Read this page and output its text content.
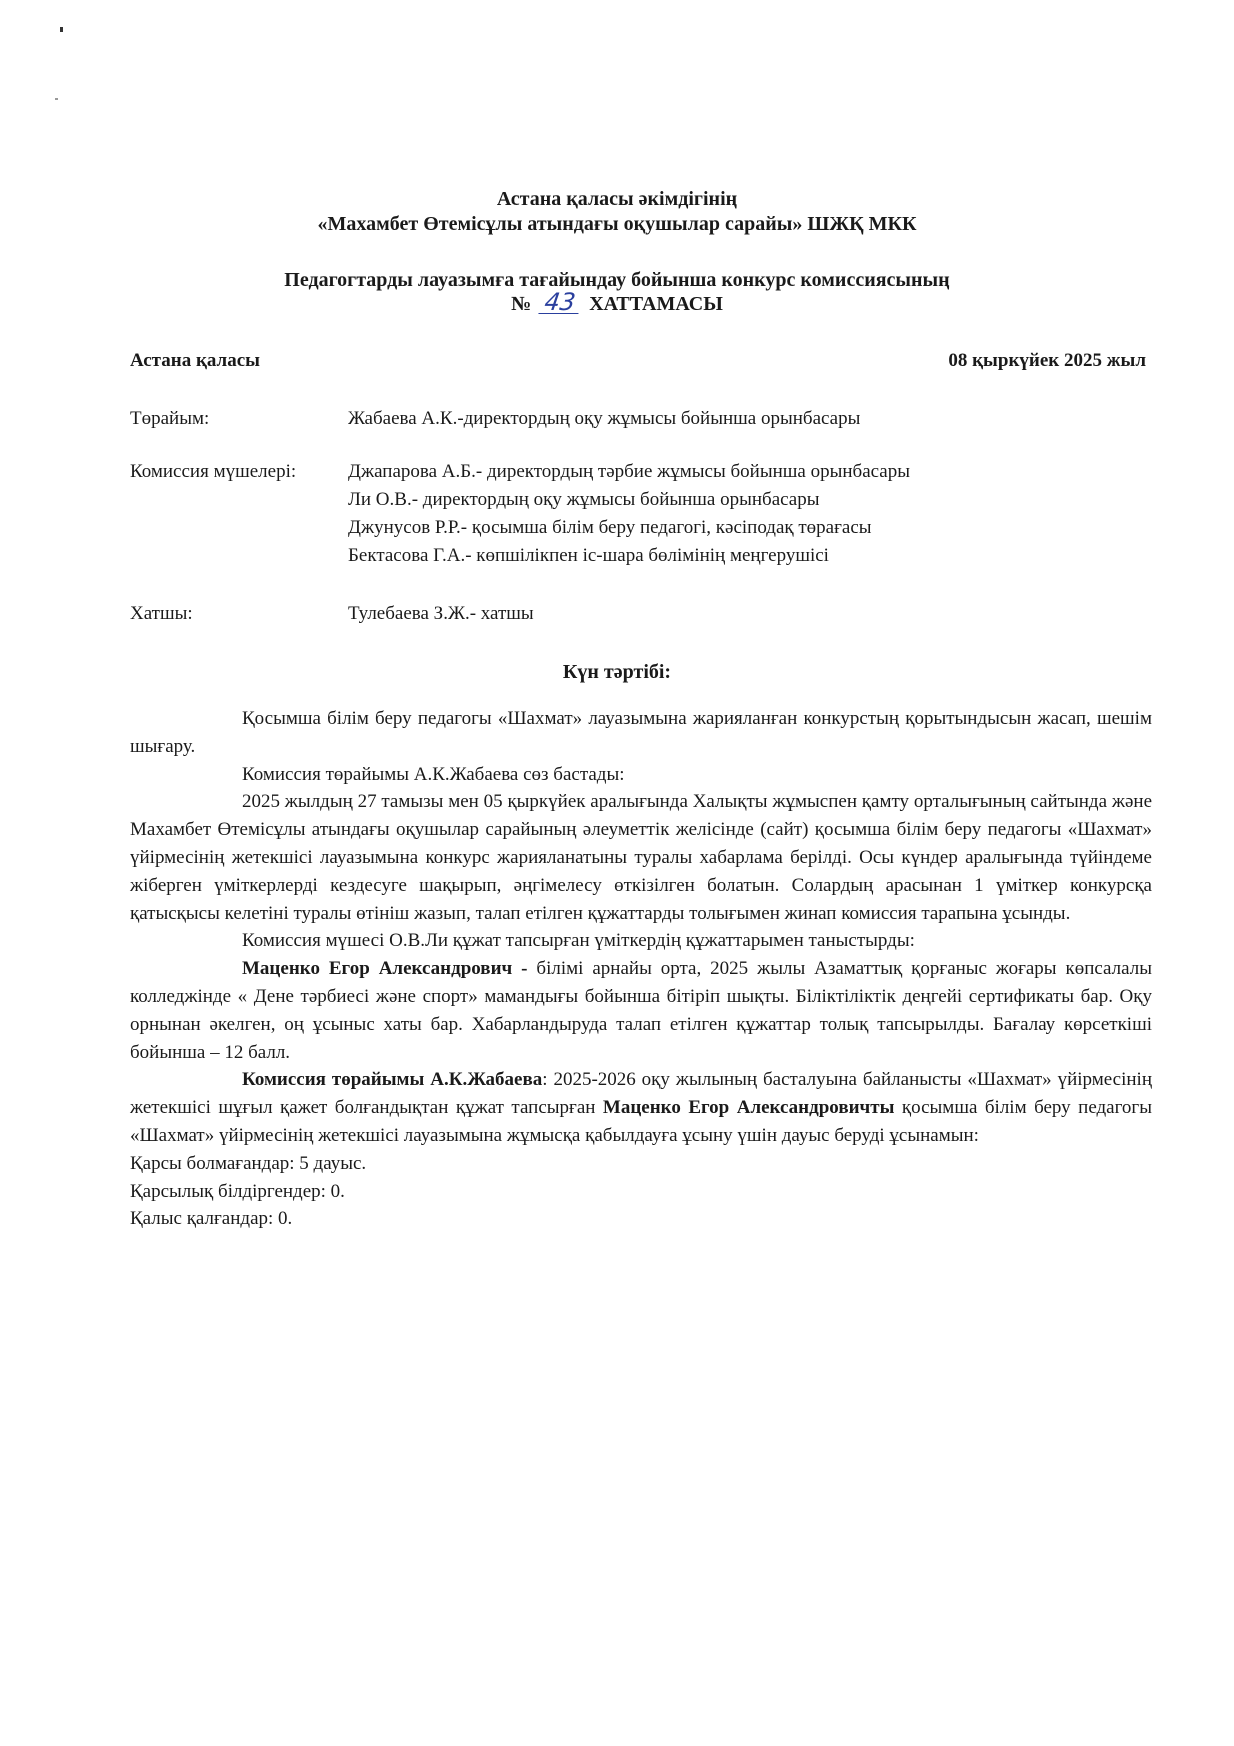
Астана қаласы әкімдігінің
«Махамбет Өтемісұлы атындағы оқушылар сарайы» ШЖҚ МКК
Педагогтарды лауазымға тағайындау бойынша конкурс комиссиясының
№ 43 ХАТТАМАСЫ
Астана қаласы	08 қыркүйек 2025 жыл
Төрайым:	Жабаева А.К.-директордың оқу жұмысы бойынша орынбасары
Комиссия мүшелері:	Джапарова А.Б.- директордың тәрбие жұмысы бойынша орынбасары
Ли О.В.- директордың оқу жұмысы бойынша орынбасары
Джунусов Р.Р.- қосымша білім беру педагогі, кәсіподақ төрағасы
Бектасова Г.А.- көпшілікпен іс-шара бөлімінің меңгерушісі
Хатшы:	Тулебаева З.Ж.- хатшы
Күн тәртібі:

Қосымша білім беру педагогы «Шахмат» лауазымына жарияланған конкурстың қорытындысын жасап, шешім шығару.

Комиссия төрайымы А.К.Жабаева сөз бастады:

2025 жылдың 27 тамызы мен 05 қыркүйек аралығында Халықты жұмыспен қамту орталығының сайтында және Махамбет Өтемісұлы атындағы оқушылар сарайының әлеуметтік желісінде (сайт) қосымша білім беру педагогы «Шахмат» үйірмесінің жетекшісі лауазымына конкурс жарияланатыны туралы хабарлама берілді. Осы күндер аралығында түйіндеме жіберген үміткерлерді кездесуге шақырып, әңгімелесу өткізілген болатын. Солардың арасынан 1 үміткер конкурсқа қатысқысы келетіні туралы өтініш жазып, талап етілген құжаттарды толығымен жинап комиссия тарапына ұсынды.

Комиссия мүшесі О.В.Ли құжат тапсырған үміткердің құжаттарымен таныстырды:

Маценко Егор Александрович - білімі арнайы орта, 2025 жылы Азаматтық қорғаныс жоғары көпсалалы колледжінде « Дене тәрбиесі және спорт» мамандығы бойынша бітіріп шықты. Біліктіліктік деңгейі сертификаты бар. Оқу орнынан әкелген, оң ұсыныс хаты бар. Хабарландыруда талап етілген құжаттар толық тапсырылды. Бағалау көрсеткіші бойынша – 12 балл.

Комиссия төрайымы А.К.Жабаева: 2025-2026 оқу жылының басталуына байланысты «Шахмат» үйірмесінің жетекшісі шұғыл қажет болғандықтан құжат тапсырған Маценко Егор Александровичты қосымша білім беру педагогы «Шахмат» үйірмесінің жетекшісі лауазымына жұмысқа қабылдауға ұсыну үшін дауыс беруді ұсынамын:

Қарсы болмағандар: 5 дауыс.

Қарсылық білдіргендер: 0.

Қалыс қалғандар: 0.
